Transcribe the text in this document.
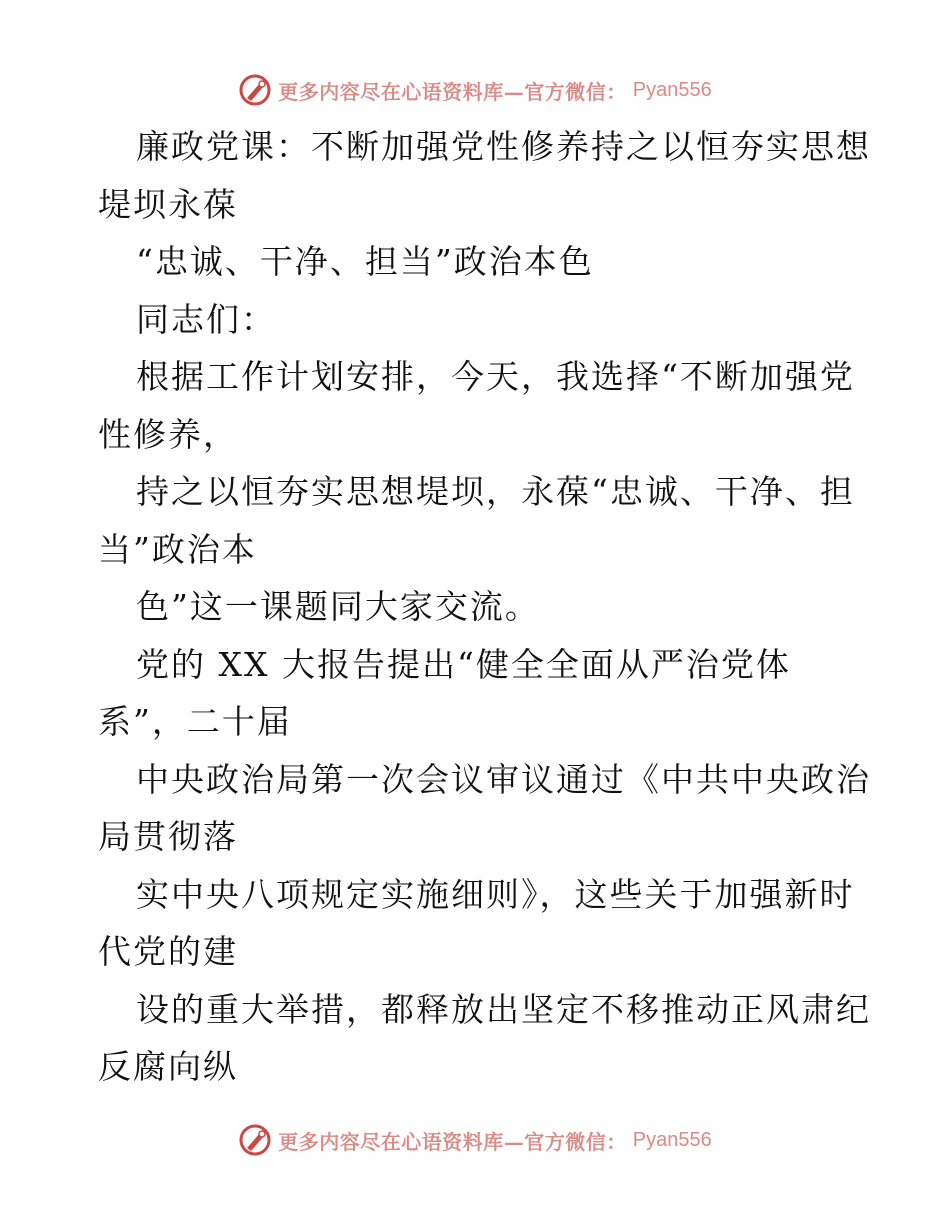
更多内容尽在心语资料库—官方微信： Pyan556
廉政党课：不断加强党性修养持之以恒夯实思想
堤坝永葆
“忠诚、干净、担当”政治本色
同志们：
根据工作计划安排，今天，我选择“不断加强党
性修养，
持之以恒夯实思想堤坝，永葆“忠诚、干净、担
当”政治本
色”这一课题同大家交流。
党的 XX 大报告提出“健全全面从严治党体
系”，二十届
中央政治局第一次会议审议通过《中共中央政治
局贯彻落
实中央八项规定实施细则》，这些关于加强新时
代党的建
设的重大举措，都释放出坚定不移推动正风肃纪
反腐向纵
更多内容尽在心语资料库—官方微信： Pyan556
